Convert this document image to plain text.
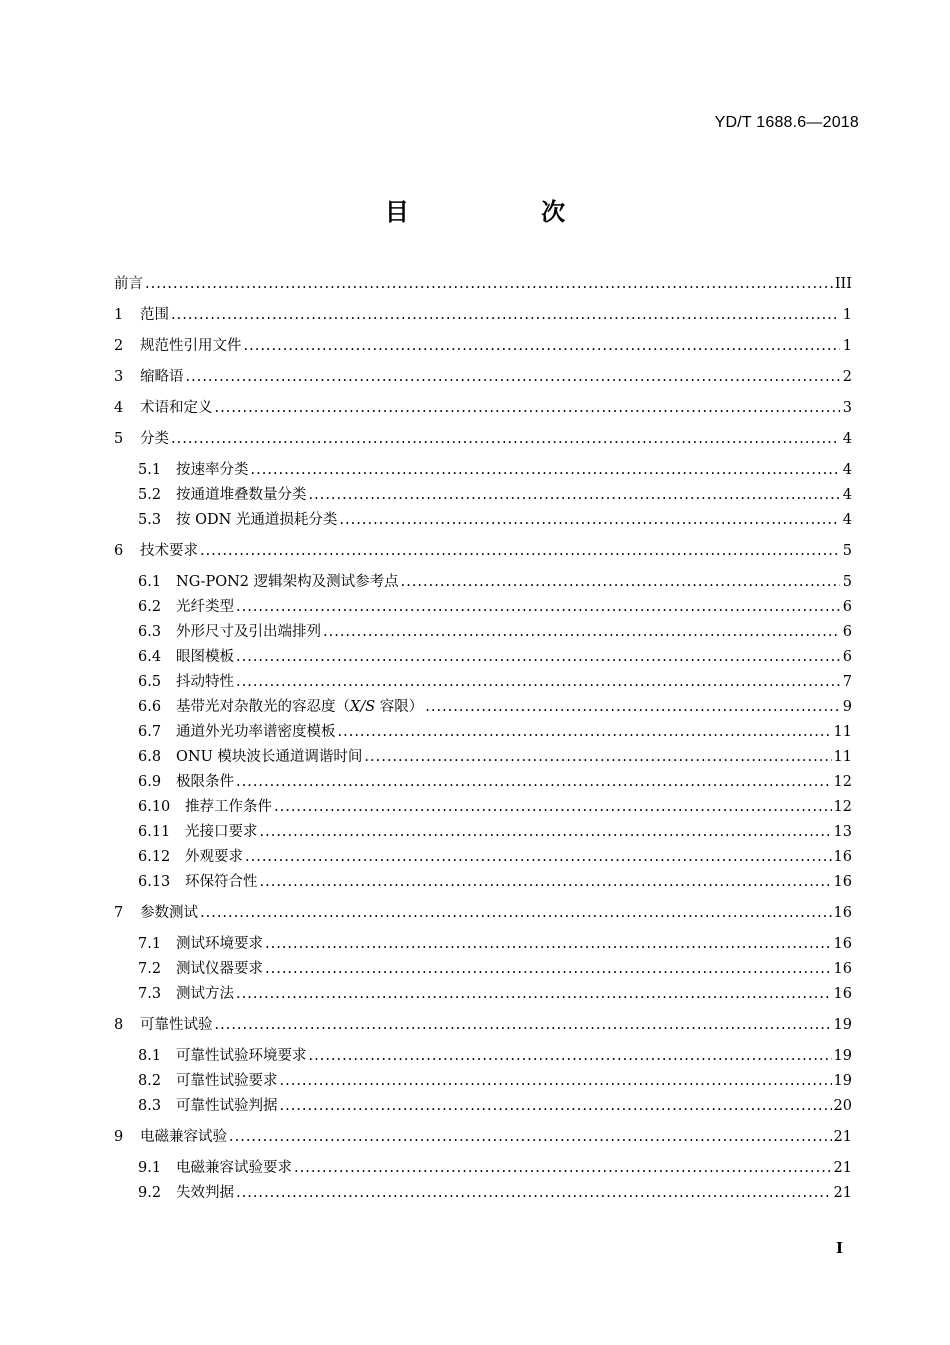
YD/T 1688.6—2018
目 次
前言 .....	III
1	范围 .....	1
2	规范性引用文件 .....	1
3	缩略语 .....	2
4	术语和定义 .....	3
5	分类 .....	4
5.1	按速率分类 .....	4
5.2	按通道堆叠数量分类 .....	4
5.3	按 ODN 光通道损耗分类 .....	4
6	技术要求 .....	5
6.1	NG-PON2 逻辑架构及测试参考点 .....	5
6.2	光纤类型 .....	6
6.3	外形尺寸及引出端排列 .....	6
6.4	眼图模板 .....	6
6.5	抖动特性 .....	7
6.6	基带光对杂散光的容忍度（X/S 容限） .....	9
6.7	通道外光功率谱密度模板 .....	11
6.8	ONU 模块波长通道调谐时间 .....	11
6.9	极限条件 .....	12
6.10	推荐工作条件 .....	12
6.11	光接口要求 .....	13
6.12	外观要求 .....	16
6.13	环保符合性 .....	16
7	参数测试 .....	16
7.1	测试环境要求 .....	16
7.2	测试仪器要求 .....	16
7.3	测试方法 .....	16
8	可靠性试验 .....	19
8.1	可靠性试验环境要求 .....	19
8.2	可靠性试验要求 .....	19
8.3	可靠性试验判据 .....	20
9	电磁兼容试验 .....	21
9.1	电磁兼容试验要求 .....	21
9.2	失效判据 .....	21
I
